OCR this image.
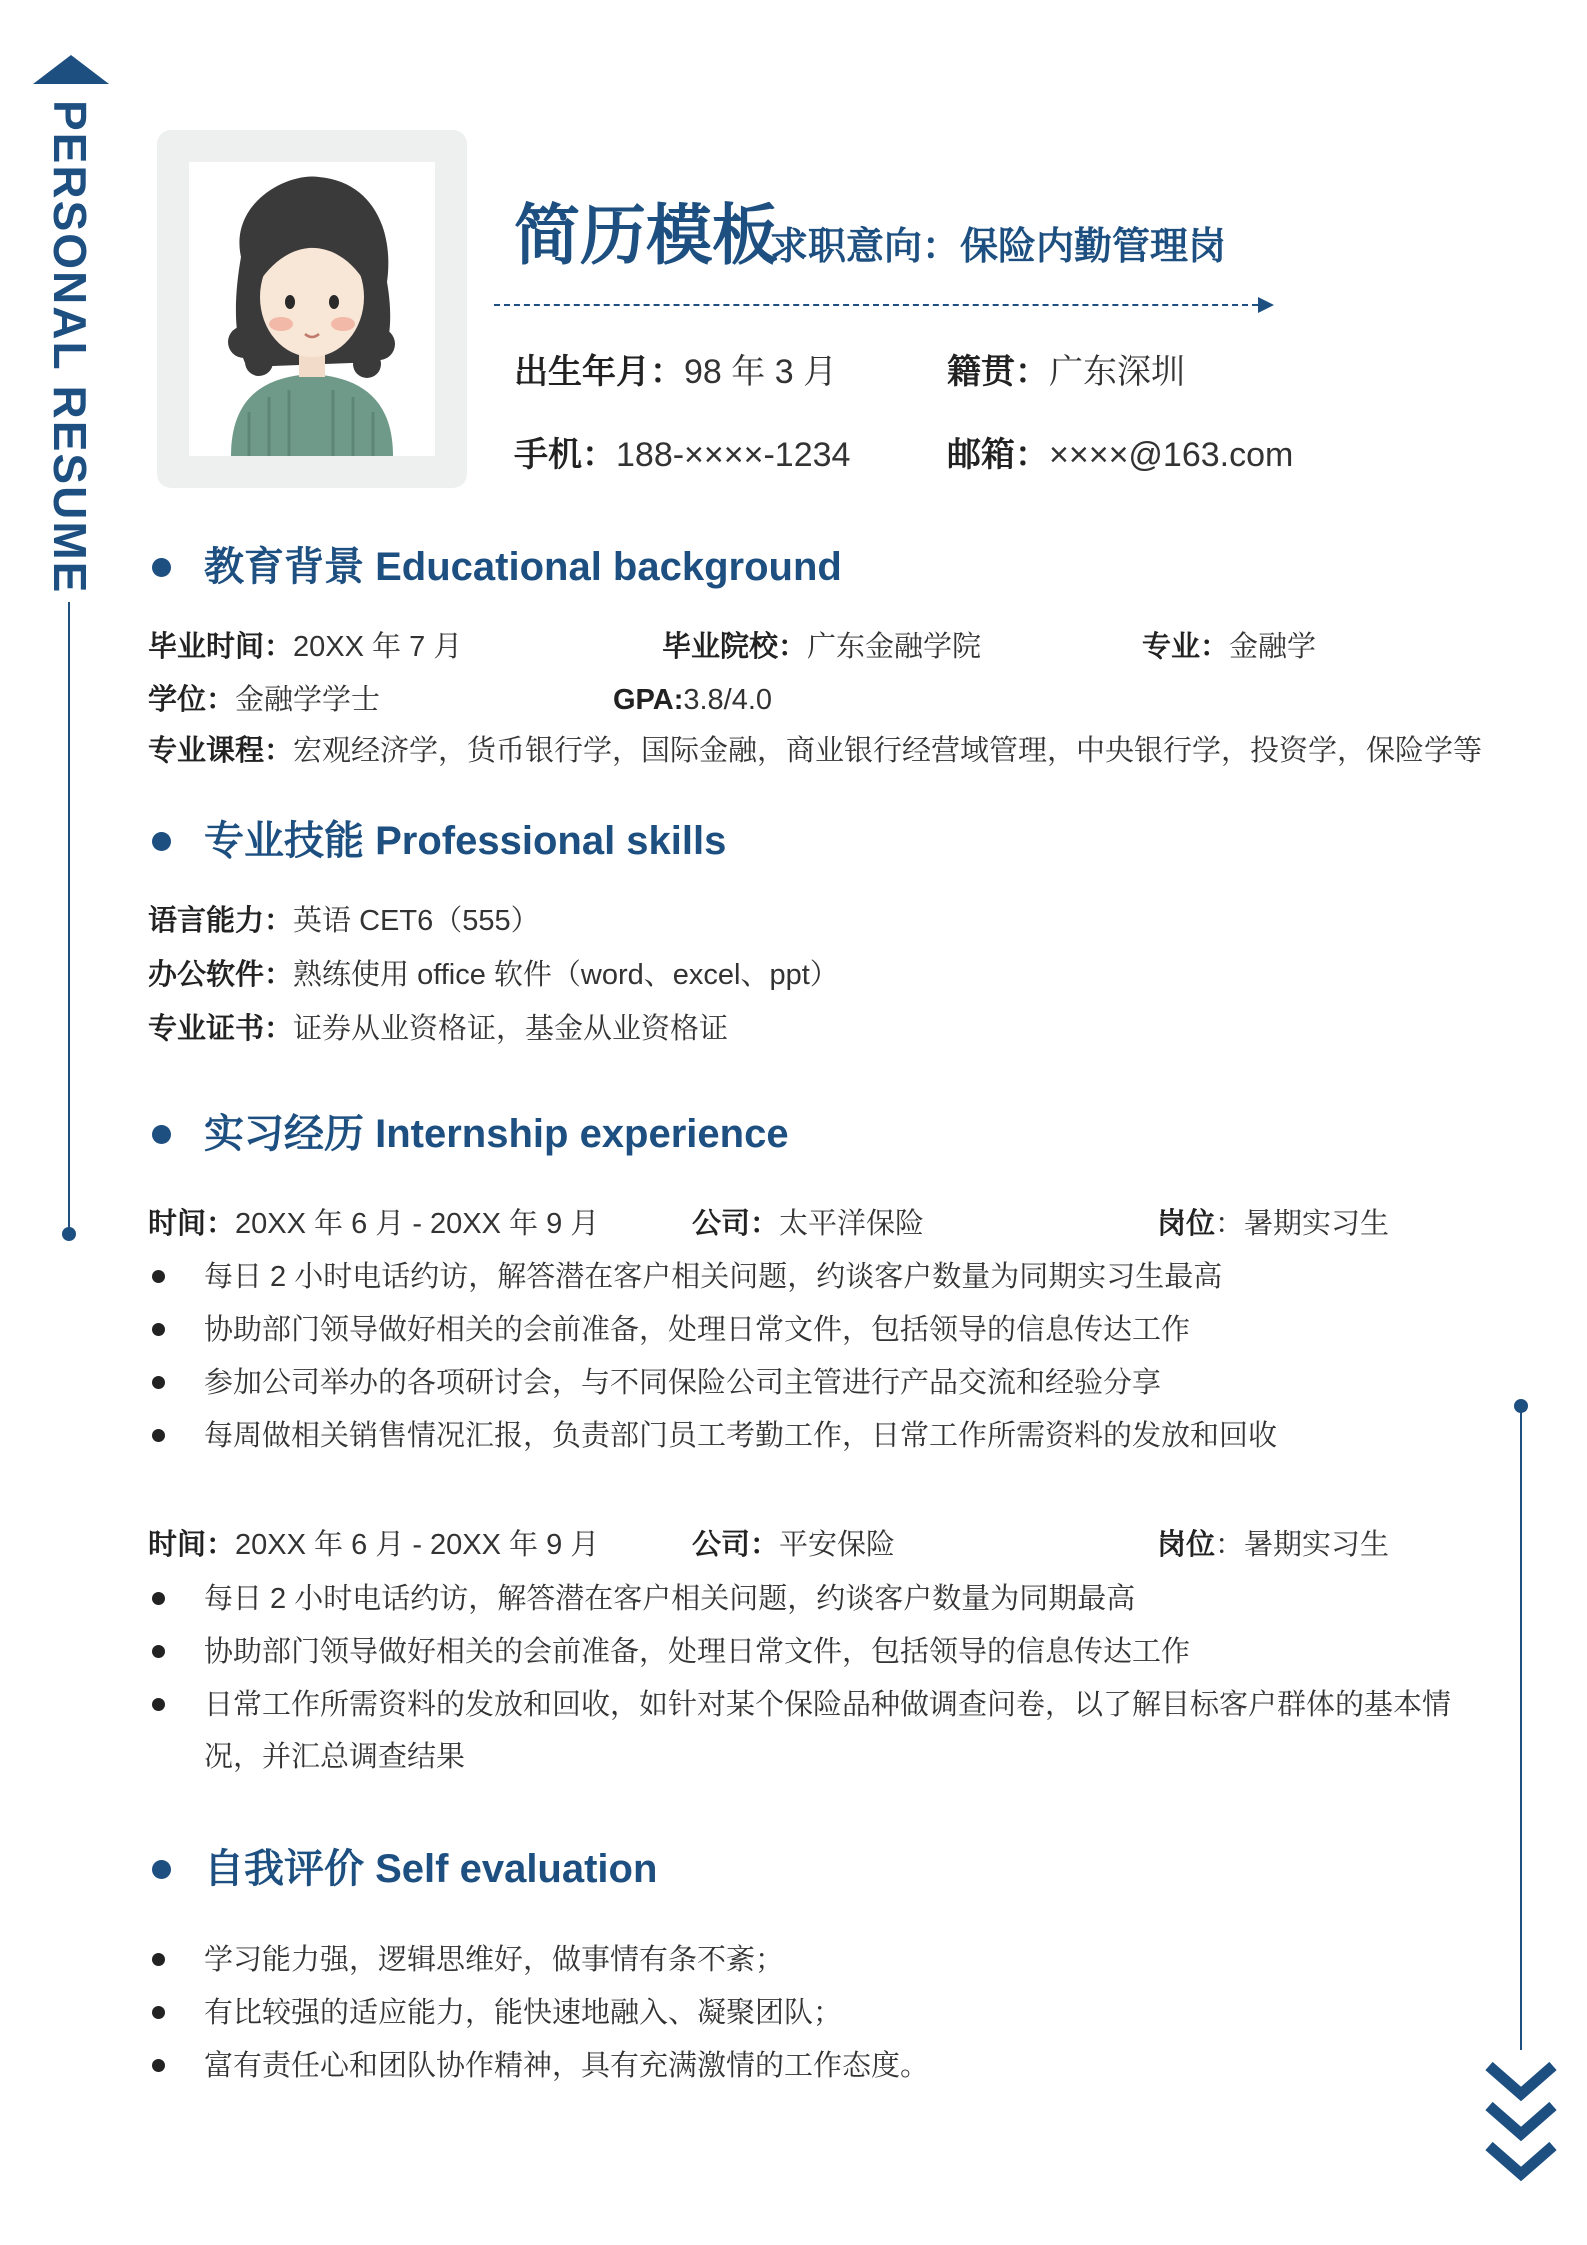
PERSONAL RESUME	简历模板
求职意向：保险内勤管理岗
出生年月：98 年 3 月	籍贯：广东深圳
手机：188-××××-1234	邮箱：××××@163.com
教育背景 Educational background
毕业时间：20XX 年 7 月	毕业院校：广东金融学院	专业：金融学
学位：金融学学士	GPA:3.8/4.0
专业课程：宏观经济学，货币银行学，国际金融，商业银行经营域管理，中央银行学，投资学，保险学等
专业技能 Professional skills
语言能力：英语 CET6（555）
办公软件：熟练使用 office 软件（word、excel、ppt）
专业证书：证券从业资格证，基金从业资格证
实习经历 Internship experience
时间：20XX 年 6 月 - 20XX 年 9 月	公司：太平洋保险	岗位：暑期实习生
每日 2 小时电话约访，解答潜在客户相关问题，约谈客户数量为同期实习生最高
协助部门领导做好相关的会前准备，处理日常文件，包括领导的信息传达工作
参加公司举办的各项研讨会，与不同保险公司主管进行产品交流和经验分享
每周做相关销售情况汇报，负责部门员工考勤工作，日常工作所需资料的发放和回收
时间：20XX 年 6 月 - 20XX 年 9 月	公司：平安保险	岗位：暑期实习生
每日 2 小时电话约访，解答潜在客户相关问题，约谈客户数量为同期最高
协助部门领导做好相关的会前准备，处理日常文件，包括领导的信息传达工作
日常工作所需资料的发放和回收，如针对某个保险品种做调查问卷，以了解目标客户群体的基本情况，并汇总调查结果
自我评价 Self evaluation
学习能力强，逻辑思维好，做事情有条不紊；
有比较强的适应能力，能快速地融入、凝聚团队；
富有责任心和团队协作精神，具有充满激情的工作态度。
